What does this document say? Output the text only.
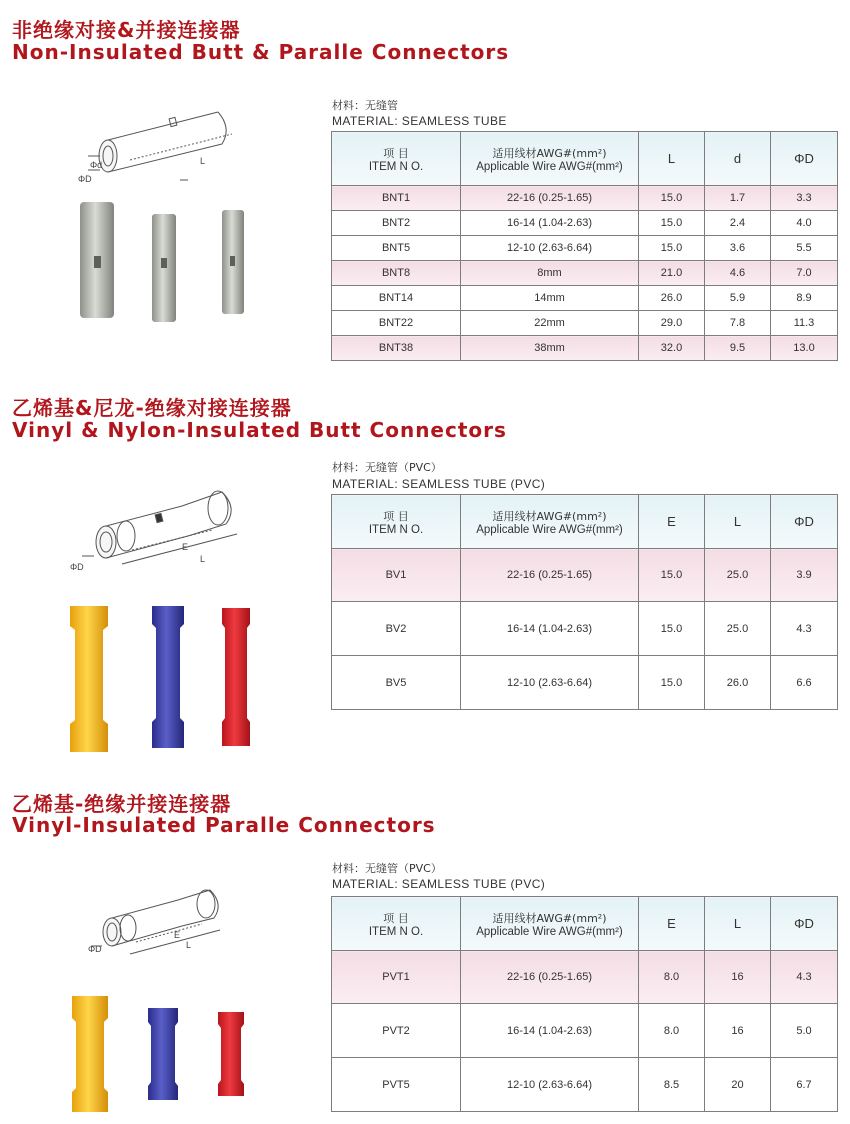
非绝缘对接&并接连接器
Non-Insulated Butt & Paralle Connectors
Φd
ΦD
L
材料：无缝管
MATERIAL: SEAMLESS TUBE
项 目
ITEM N O.	适用线材AWG#(mm²)
Applicable Wire AWG#(mm²)	L	d	ΦD
BNT1	22-16 (0.25-1.65)	15.0	1.7	3.3
BNT2	16-14 (1.04-2.63)	15.0	2.4	4.0
BNT5	12-10 (2.63-6.64)	15.0	3.6	5.5
BNT8	8mm	21.0	4.6	7.0
BNT14	14mm	26.0	5.9	8.9
BNT22	22mm	29.0	7.8	11.3
BNT38	38mm	32.0	9.5	13.0
乙烯基&尼龙-绝缘对接连接器
Vinyl & Nylon-Insulated Butt Connectors
E
L
ΦD
材料：无缝管（PVC）
MATERIAL: SEAMLESS TUBE (PVC)
项 目
ITEM N O.	适用线材AWG#(mm²)
Applicable Wire AWG#(mm²)	E	L	ΦD
BV1	22-16 (0.25-1.65)	15.0	25.0	3.9
BV2	16-14 (1.04-2.63)	15.0	25.0	4.3
BV5	12-10 (2.63-6.64)	15.0	26.0	6.6
乙烯基-绝缘并接连接器
Vinyl-Insulated Paralle Connectors
E
L
ΦD
材料：无缝管（PVC）
MATERIAL: SEAMLESS TUBE (PVC)
项 目
ITEM N O.	适用线材AWG#(mm²)
Applicable Wire AWG#(mm²)	E	L	ΦD
PVT1	22-16 (0.25-1.65)	8.0	16	4.3
PVT2	16-14 (1.04-2.63)	8.0	16	5.0
PVT5	12-10 (2.63-6.64)	8.5	20	6.7
